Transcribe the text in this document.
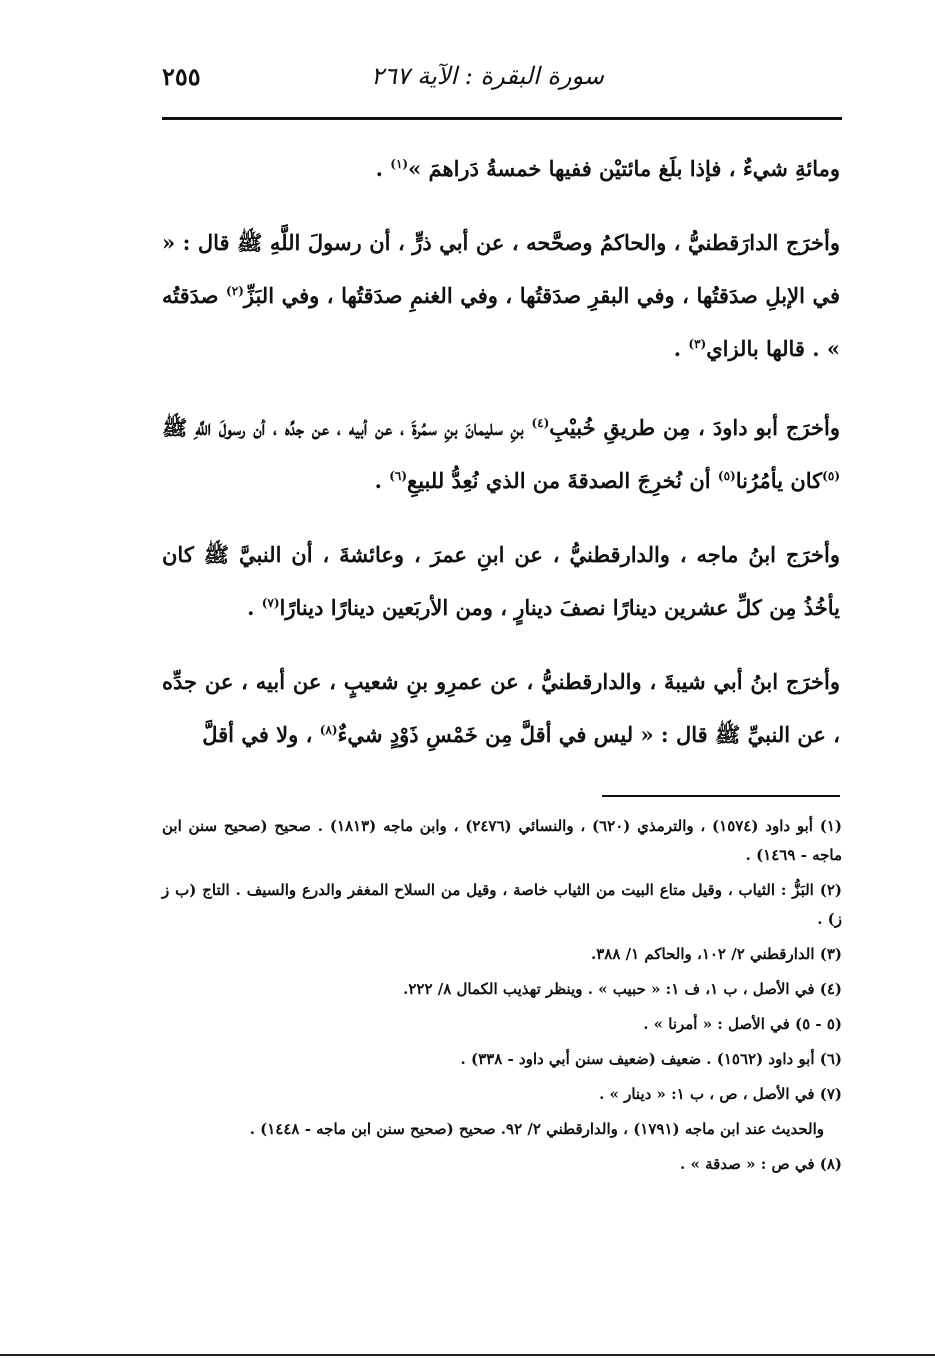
سورة البقرة : الآية ٢٦٧
٢٥٥

ومائةِ شيءٌ ، فإذا بلَغ مائتيْن ففيها خمسةُ دَراهمَ »$^{(١)}$ .

وأخرَج الدارَقطنيُّ ، والحاكمُ وصحَّحه ، عن أبي ذرٍّ ، أن رسولَ اللَّهِ ﷺ قال : « في الإبلِ صدَقتُها ، وفي البقرِ صدَقتُها ، وفي الغنمِ صدَقتُها ، وفي البَزِّ$^{(٢)}$ صدَقتُه » . قالها بالزاي$^{(٣)}$ .

وأخرَج أبو داودَ ، مِن طريقِ خُبيْبِ$^{(٤)}$ بنِ سليمانَ بنِ سمُرةَ ، عن أبيه ، عن جدِّه ، أن رسولَ اللَّهِ ﷺ $^{(٥)}$كان يأمُرُنا$^{(٥)}$ أن نُخرِجَ الصدقةَ من الذي نُعِدُّ للبيعِ$^{(٦)}$ .

وأخرَج ابنُ ماجه ، والدارقطنيُّ ، عن ابنِ عمرَ ، وعائشةَ ، أن النبيَّ ﷺ كان يأخُذُ مِن كلِّ عشرين دينارًا نصفَ دينارٍ ، ومن الأربَعين دينارًا دينارًا$^{(٧)}$ .

وأخرَج ابنُ أبي شيبةَ ، والدارقطنيُّ ، عن عمرِو بنِ شعيبٍ ، عن أبيه ، عن جدِّه ، عن النبيِّ ﷺ قال : « ليس في أقلَّ مِن خَمْسِ ذَوْدٍ شيءٌ$^{(٨)}$ ، ولا في أقلَّ

(١) أبو داود (١٥٧٤) ، والترمذي (٦٢٠) ، والنسائي (٢٤٧٦) ، وابن ماجه (١٨١٣) . صحيح (صحيح سنن ابن ماجه - ١٤٦٩) .

(٢) البَزُّ : الثياب ، وقيل متاع البيت من الثياب خاصة ، وقيل من السلاح المغفر والدرع والسيف . التاج (ب ز ز) .

(٣) الدارقطني ٢/ ١٠٢، والحاكم ١/ ٣٨٨.

(٤) في الأصل ، ب ١، ف ١: « حبيب » . وينظر تهذيب الكمال ٨/ ٢٢٢.

(٥ - ٥) في الأصل : « أمرنا » .

(٦) أبو داود (١٥٦٢) . ضعيف (ضعيف سنن أبي داود - ٣٣٨) .

(٧) في الأصل ، ص ، ب ١: « دينار » .

والحديث عند ابن ماجه (١٧٩١) ، والدارقطني ٢/ ٩٢. صحيح (صحيح سنن ابن ماجه - ١٤٤٨) .

(٨) في ص : « صدقة » .
